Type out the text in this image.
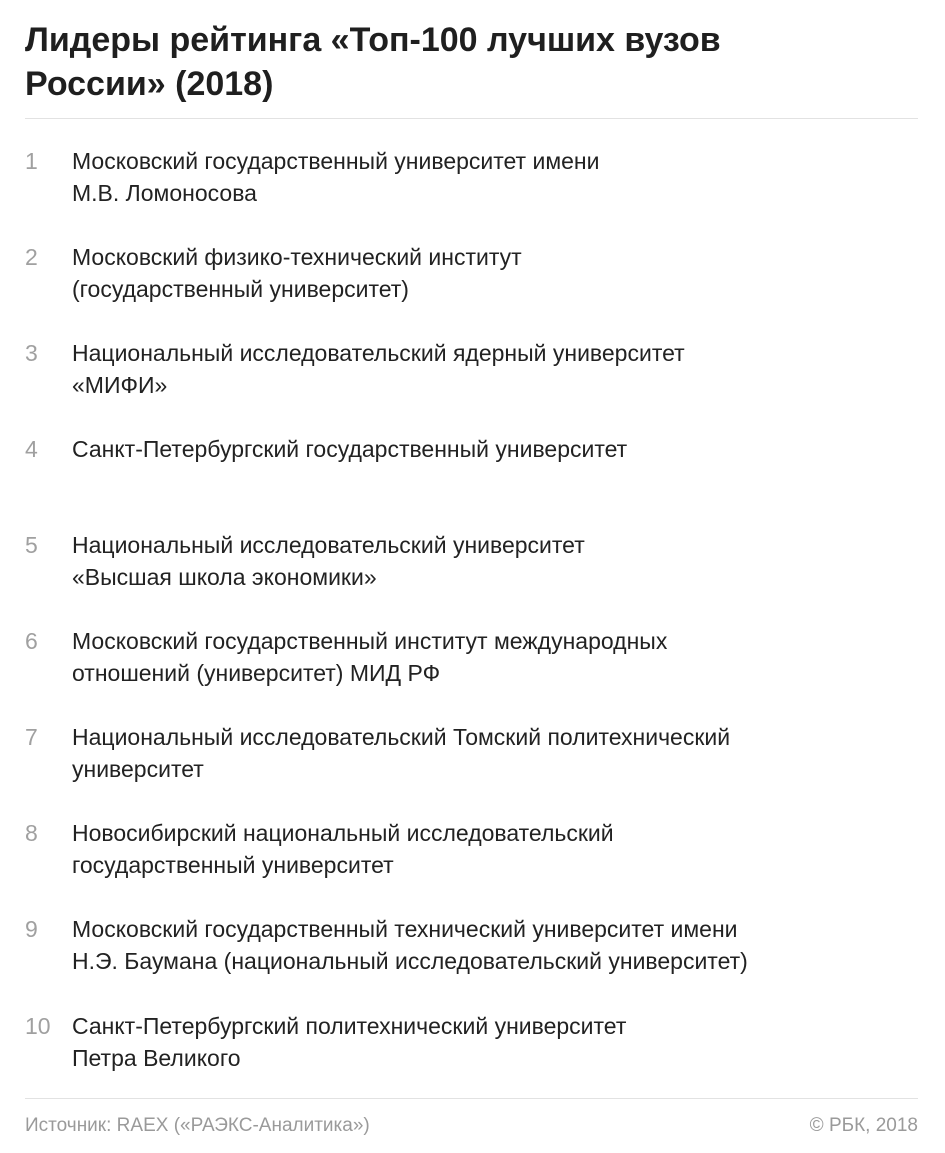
Лидеры рейтинга «Топ-100 лучших вузов
России» (2018)
1 Московский государственный университет имени
М.В. Ломоносова
2 Московский физико-технический институт
(государственный университет)
3 Национальный исследовательский ядерный университет
«МИФИ»
4 Санкт-Петербургский государственный университет
5 Национальный исследовательский университет
«Высшая школа экономики»
6 Московский государственный институт международных
отношений (университет) МИД РФ
7 Национальный исследовательский Томский политехнический
университет
8 Новосибирский национальный исследовательский
государственный университет
9 Московский государственный технический университет имени
Н.Э. Баумана (национальный исследовательский университет)
10 Санкт-Петербургский политехнический университет
Петра Великого
Источник: RAEX («РАЭКС-Аналитика»)	© РБК, 2018
